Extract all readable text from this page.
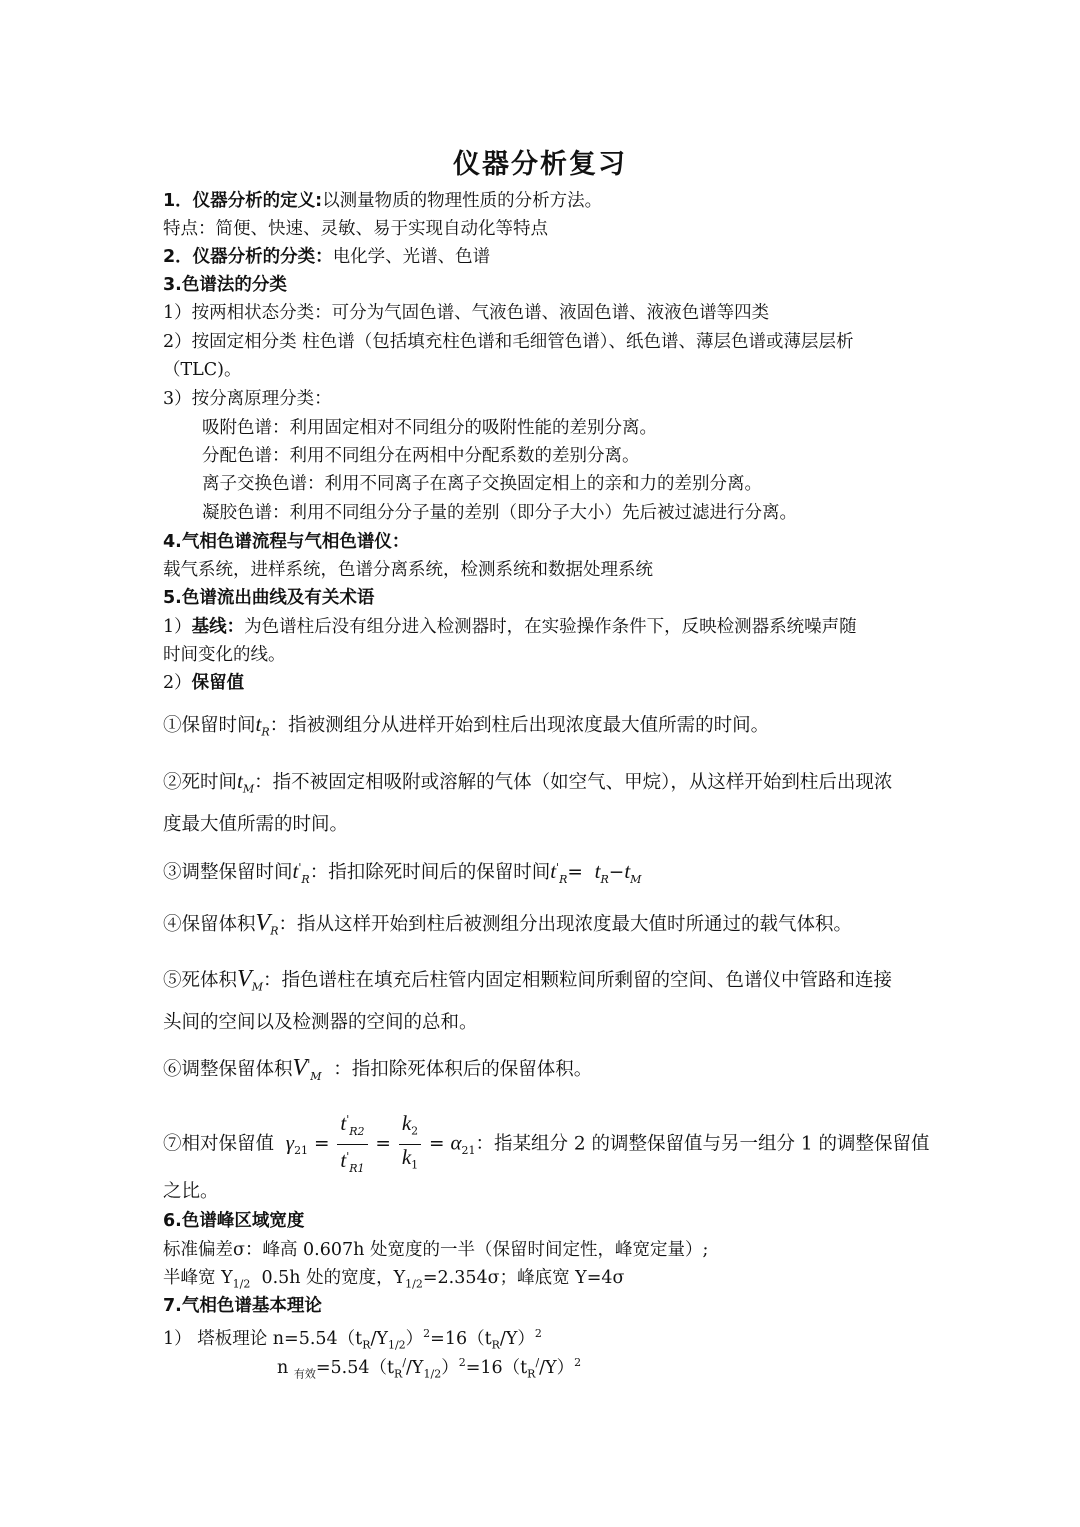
仪器分析复习
1．仪器分析的定义:以测量物质的物理性质的分析方法。
特点：简便、快速、灵敏、易于实现自动化等特点
2．仪器分析的分类：电化学、光谱、色谱
3.色谱法的分类
1）按两相状态分类：可分为气固色谱、气液色谱、液固色谱、液液色谱等四类
2）按固定相分类 柱色谱（包括填充柱色谱和毛细管色谱）、纸色谱、薄层色谱或薄层层析
（TLC)。
3）按分离原理分类：
吸附色谱：利用固定相对不同组分的吸附性能的差别分离。
分配色谱：利用不同组分在两相中分配系数的差别分离。
离子交换色谱：利用不同离子在离子交换固定相上的亲和力的差别分离。
凝胶色谱：利用不同组分分子量的差别（即分子大小）先后被过滤进行分离。
4.气相色谱流程与气相色谱仪：
载气系统，进样系统，色谱分离系统，检测系统和数据处理系统
5.色谱流出曲线及有关术语
1）基线：为色谱柱后没有组分进入检测器时，在实验操作条件下，反映检测器系统噪声随
时间变化的线。
2）保留值
①保留时间$t_R$：指被测组分从进样开始到柱后出现浓度最大值所需的时间。
②死时间$t_M$：指不被固定相吸附或溶解的气体（如空气、甲烷），从这样开始到柱后出现浓
度最大值所需的时间。
③调整保留时间$t'_R$：指扣除死时间后的保留时间$t'_R= t_R-t_M$
④保留体积$V_R$：指从这样开始到柱后被测组分出现浓度最大值时所通过的载气体积。
⑤死体积$V_M$：指色谱柱在填充后柱管内固定相颗粒间所剩留的空间、色谱仪中管路和连接
头间的空间以及检测器的空间的总和。
⑥调整保留体积$V'_M$ ：指扣除死体积后的保留体积。
⑦相对保留值 $\gamma_{21} = \frac{t'_{R2}}{t'_{R1}} = \frac{k_2}{k_1} = \alpha_{21}$：指某组分 2 的调整保留值与另一组分 1 的调整保留值
之比。
6.色谱峰区域宽度
标准偏差σ：峰高 0.607h 处宽度的一半（保留时间定性，峰宽定量）;
半峰宽 $Y_{1/2}$  0.5h 处的宽度，$Y_{1/2}=2.354\sigma$；峰底宽 Y=4σ
7.气相色谱基本理论
1） 塔板理论 $n=5.54(t_R/Y_{1/2})^2=16(t_R/Y)^2$
n $_{有效}=5.54(t_R^//Y_{1/2})^2=16(t_R^//Y)^2$
